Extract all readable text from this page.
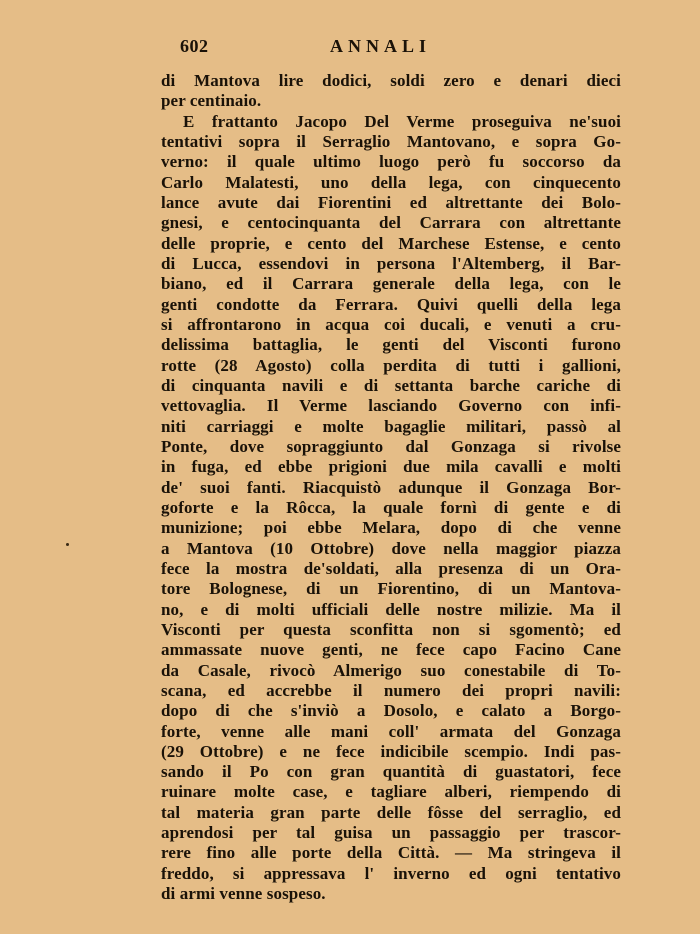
602	ANNALI
di Mantova lire dodici, soldi zero e denari dieci
per centinaio.
E frattanto Jacopo Del Verme proseguiva ne'suoi
tentativi sopra il Serraglio Mantovano, e sopra Go-
verno: il quale ultimo luogo però fu soccorso da
Carlo Malatesti, uno della lega, con cinquecento
lance avute dai Fiorentini ed altrettante dei Bolo-
gnesi, e centocinquanta del Carrara con altrettante
delle proprie, e cento del Marchese Estense, e cento
di Lucca, essendovi in persona l'Altemberg, il Bar-
biano, ed il Carrara generale della lega, con le
genti condotte da Ferrara. Quivi quelli della lega
si affrontarono in acqua coi ducali, e venuti a cru-
delissima battaglia, le genti del Visconti furono
rotte (28 Agosto) colla perdita di tutti i gallioni,
di cinquanta navili e di settanta barche cariche di
vettovaglia. Il Verme lasciando Governo con infi-
niti carriaggi e molte bagaglie militari, passò al
Ponte, dove sopraggiunto dal Gonzaga si rivolse
in fuga, ed ebbe prigioni due mila cavalli e molti
de' suoi fanti. Riacquistò adunque il Gonzaga Bor-
goforte e la Rôcca, la quale fornì di gente e di
munizione; poi ebbe Melara, dopo di che venne
a Mantova (10 Ottobre) dove nella maggior piazza
fece la mostra de'soldati, alla presenza di un Ora-
tore Bolognese, di un Fiorentino, di un Mantova-
no, e di molti ufficiali delle nostre milizie. Ma il
Visconti per questa sconfitta non si sgomentò; ed
ammassate nuove genti, ne fece capo Facino Cane
da Casale, rivocò Almerigo suo conestabile di To-
scana, ed accrebbe il numero dei propri navili:
dopo di che s'inviò a Dosolo, e calato a Borgo-
forte, venne alle mani coll' armata del Gonzaga
(29 Ottobre) e ne fece indicibile scempio. Indi pas-
sando il Po con gran quantità di guastatori, fece
ruinare molte case, e tagliare alberi, riempendo di
tal materia gran parte delle fôsse del serraglio, ed
aprendosi per tal guisa un passaggio per trascor-
rere fino alle porte della Città. — Ma stringeva il
freddo, si appressava l' inverno ed ogni tentativo
di armi venne sospeso.
